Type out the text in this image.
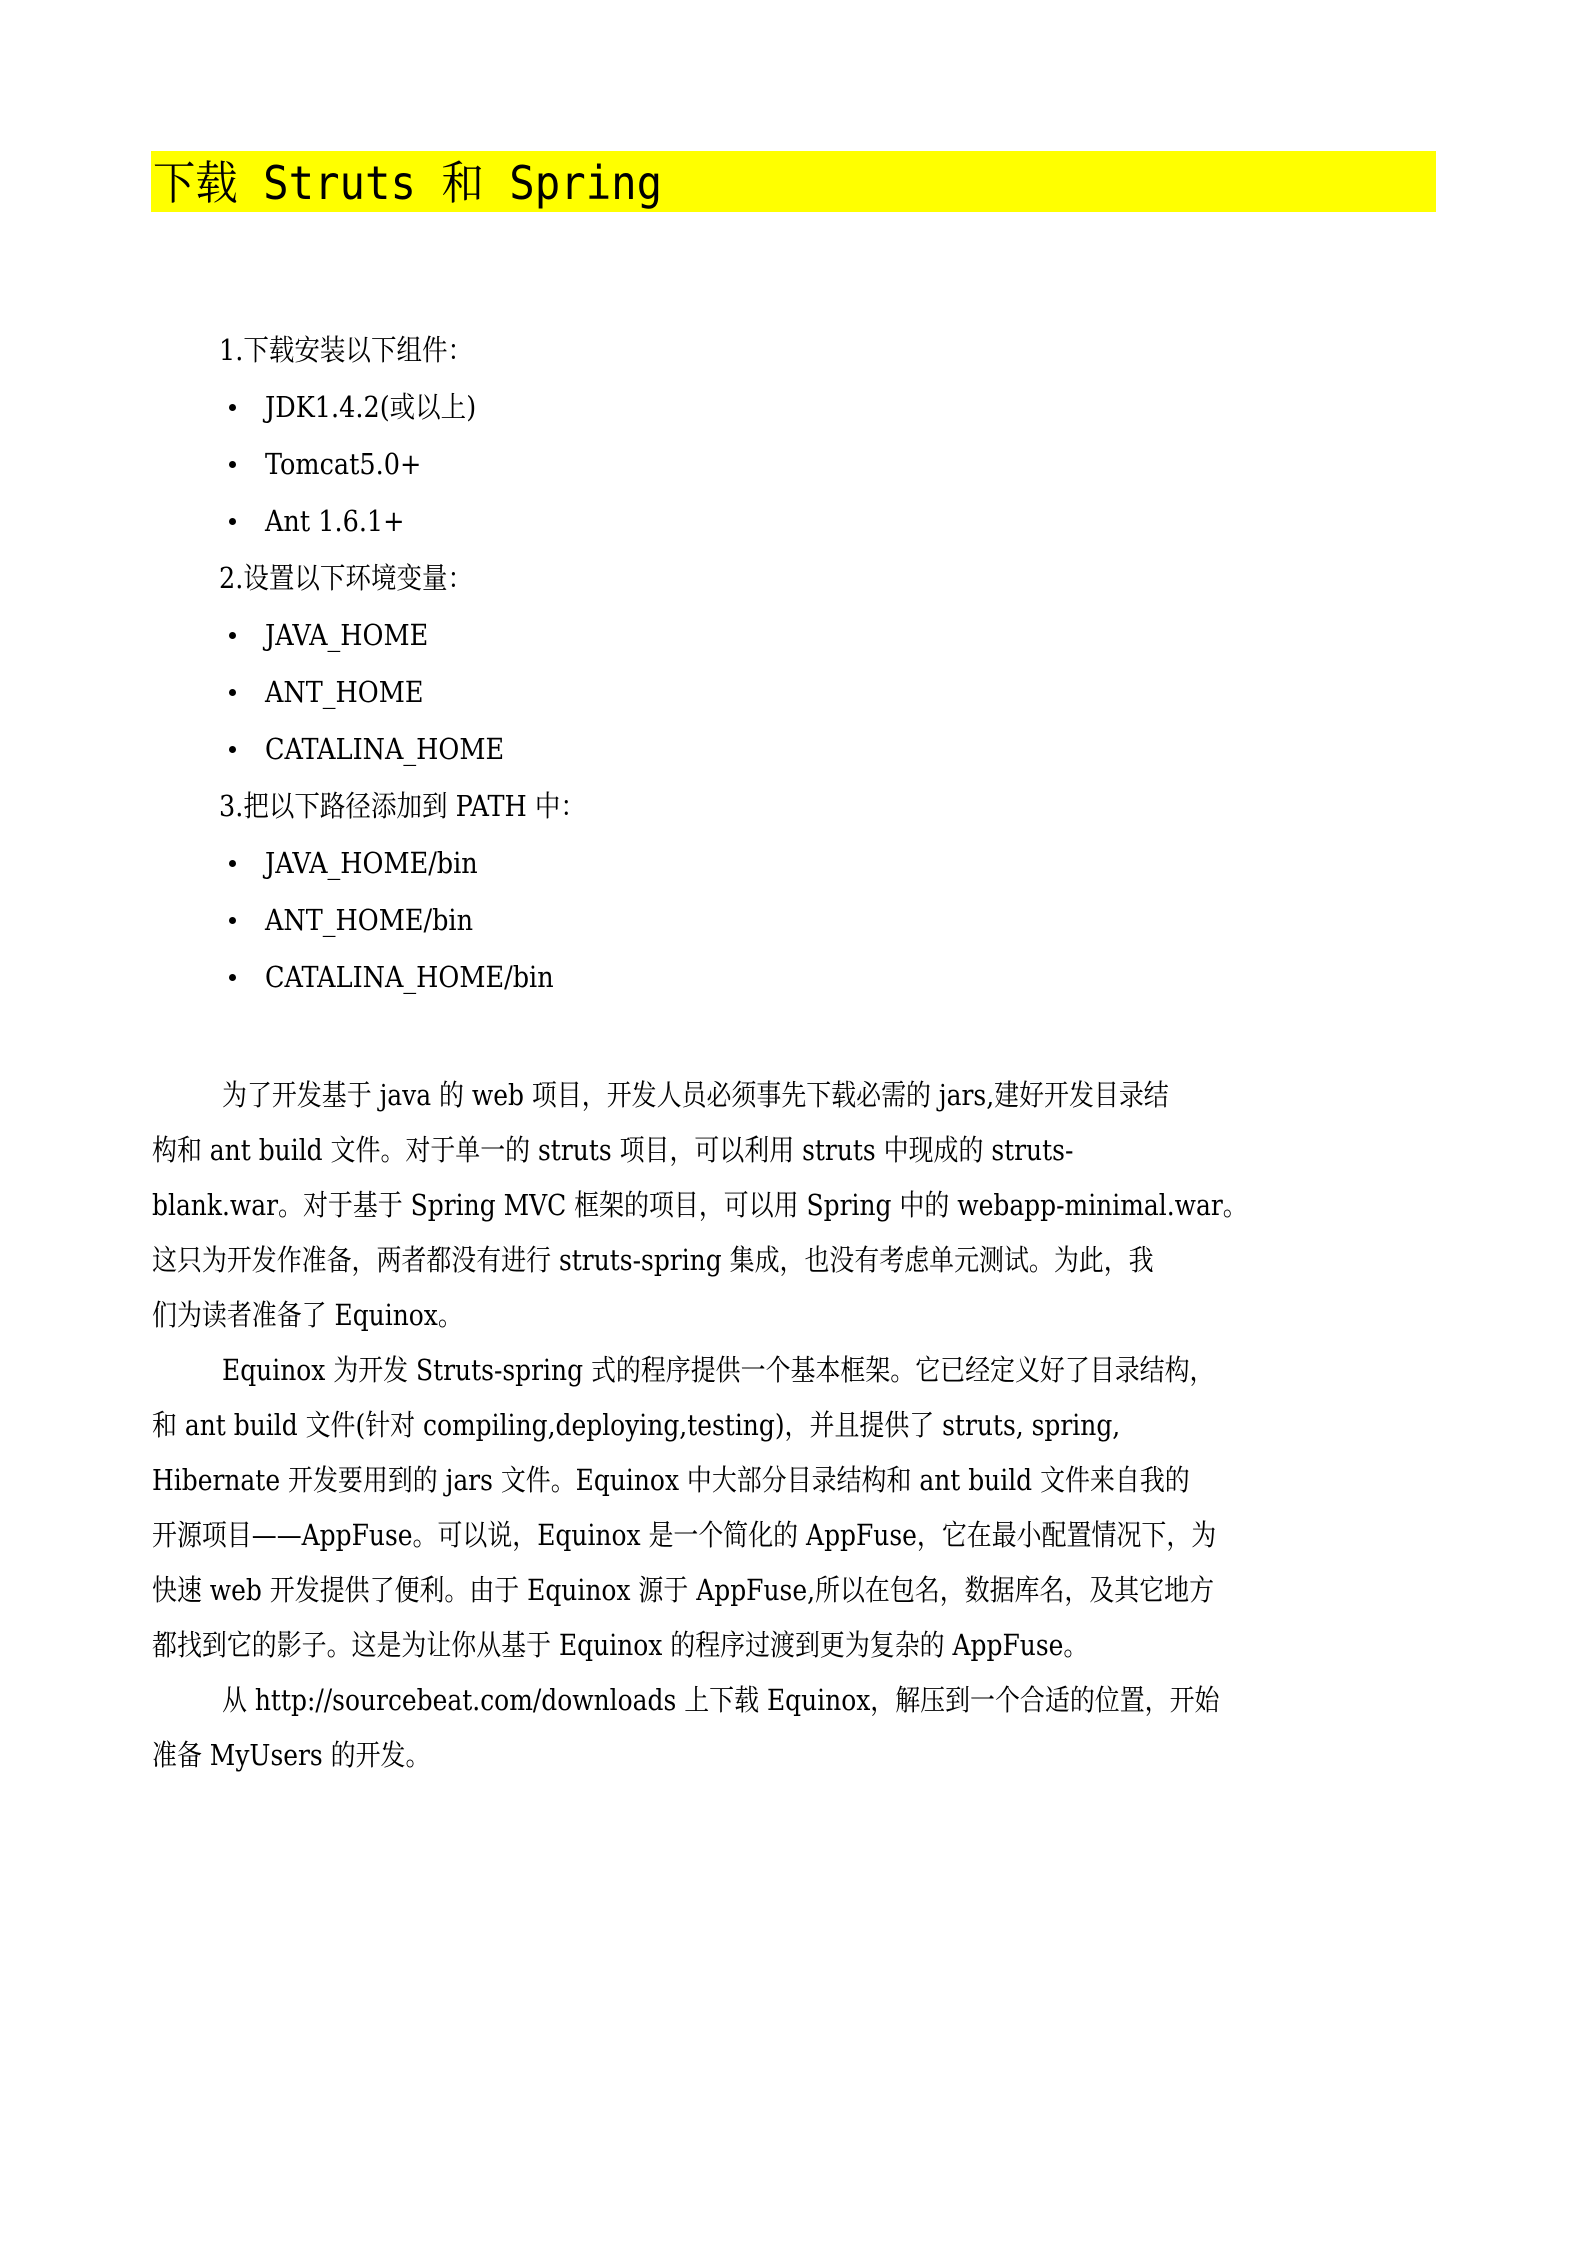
下载 Struts 和 Spring
1.下载安装以下组件：
JDK1.4.2(或以上)
Tomcat5.0+
Ant 1.6.1+
2.设置以下环境变量：
JAVA_HOME
ANT_HOME
CATALINA_HOME
3.把以下路径添加到 PATH 中：
JAVA_HOME/bin
ANT_HOME/bin
CATALINA_HOME/bin
为了开发基于 java 的 web 项目，开发人员必须事先下载必需的 jars,建好开发目录结
构和 ant build 文件。对于单一的 struts 项目，可以利用 struts 中现成的 struts-
blank.war。对于基于 Spring MVC 框架的项目，可以用 Spring 中的 webapp-minimal.war。
这只为开发作准备，两者都没有进行 struts-spring 集成，也没有考虑单元测试。为此，我
们为读者准备了 Equinox。
Equinox 为开发 Struts-spring 式的程序提供一个基本框架。它已经定义好了目录结构，
和 ant build 文件(针对 compiling,deploying,testing)，并且提供了 struts, spring,
Hibernate 开发要用到的 jars 文件。Equinox 中大部分目录结构和 ant build 文件来自我的
开源项目——AppFuse。可以说，Equinox 是一个简化的 AppFuse，它在最小配置情况下，为
快速 web 开发提供了便利。由于 Equinox 源于 AppFuse,所以在包名，数据库名，及其它地方
都找到它的影子。这是为让你从基于 Equinox 的程序过渡到更为复杂的 AppFuse。
从 http://sourcebeat.com/downloads 上下载 Equinox，解压到一个合适的位置，开始
准备 MyUsers 的开发。
